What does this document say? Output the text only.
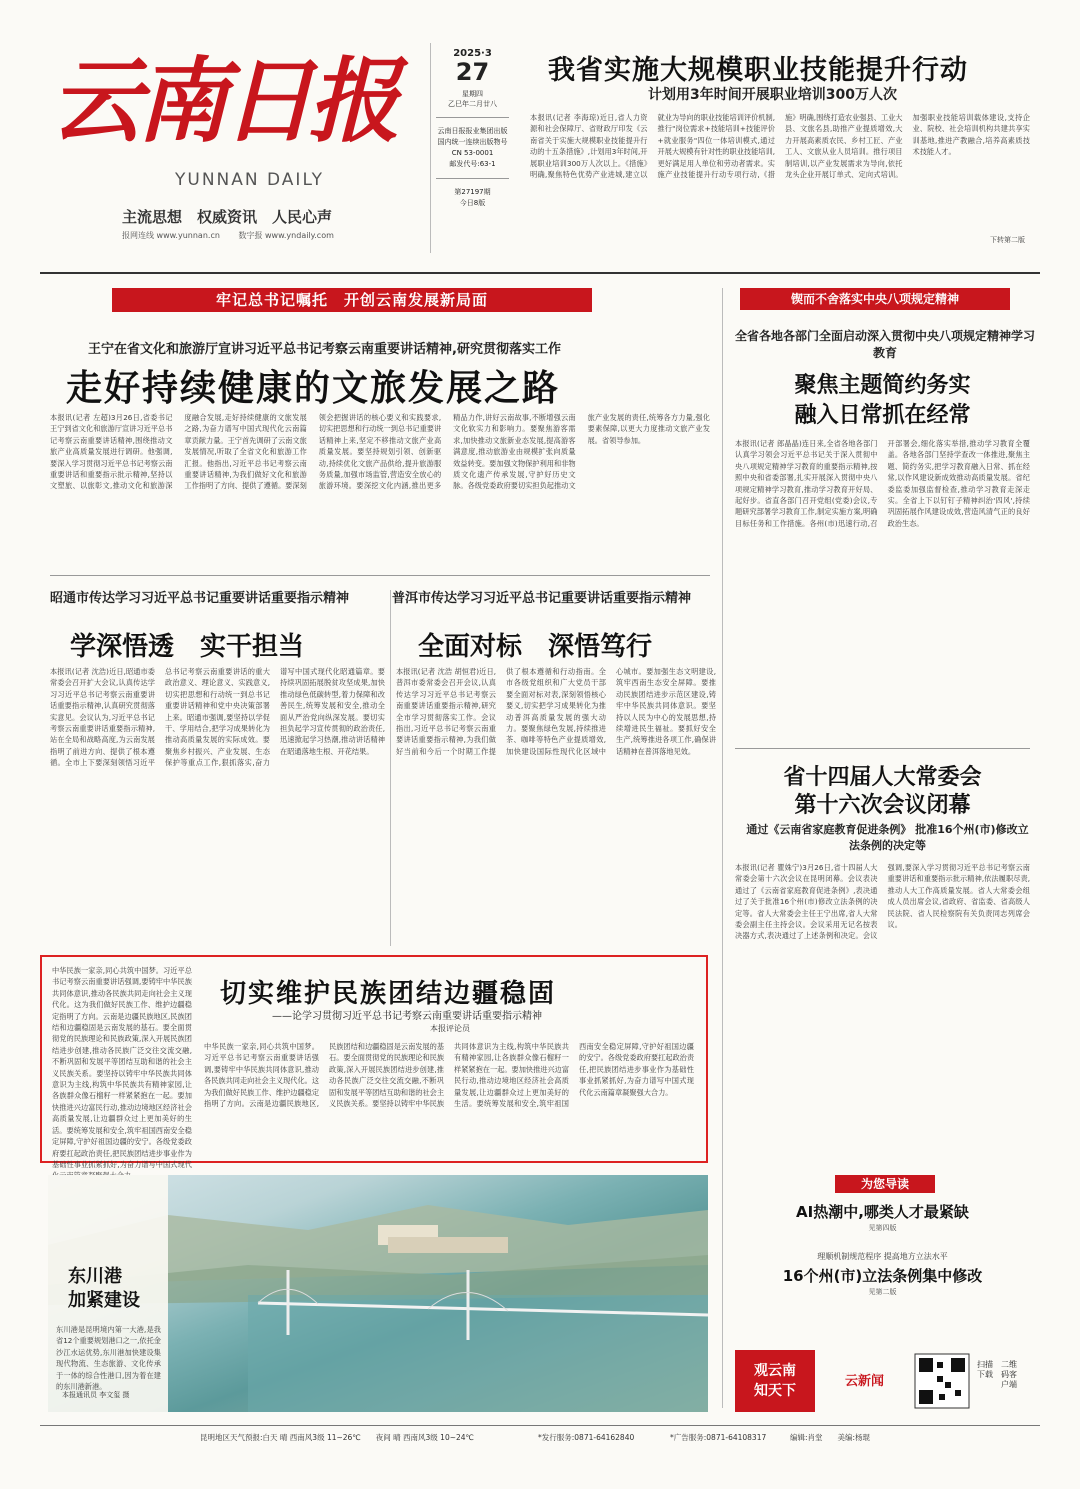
云南日报
YUNNAN DAILY
主流思想　权威资讯　人民心声
报网连线 www.yunnan.cn 　　数字报 www.yndaily.com
2025·3
27
星期四
乙巳年二月廿八
云南日报报业集团出版
国内统一连续出版物号
CN 53-0001
邮发代号:63-1
第27197期
今日8版
我省实施大规模职业技能提升行动
计划用3年时间开展职业培训300万人次
本报讯(记者 李海琼)近日,省人力资源和社会保障厅、省财政厅印发《云南省关于实施大规模职业技能提升行动的十五条措施》,计划用3年时间,开展职业培训300万人次以上。《措施》明确,聚焦特色优势产业进城,建立以就业为导向的职业技能培训评价机制,推行"岗位需求+技能培训+技能评价+就业服务"四位一体培训模式,通过开展大规模有针对性的职业技能培训,更好满足用人单位和劳动者需求。实施产业技能提升行动专项行动,《措施》明确,围绕打造农业强县、工业大县、文旅名县,助推产业提质增效,大力开展高素质农民、乡村工匠、产业工人、文旅从业人员培训。推行项目制培训,以产业发展需求为导向,依托龙头企业开展订单式、定向式培训。加强职业技能培训载体建设,支持企业、院校、社会培训机构共建共享实训基地,推进产教融合,培养高素质技术技能人才。
下转第二版
牢记总书记嘱托　开创云南发展新局面
王宁在省文化和旅游厅宣讲习近平总书记考察云南重要讲话精神,研究贯彻落实工作
走好持续健康的文旅发展之路
本报讯(记者 左超)3月26日,省委书记王宁到省文化和旅游厅宣讲习近平总书记考察云南重要讲话精神,围绕推动文旅产业高质量发展进行调研。他强调,要深入学习贯彻习近平总书记考察云南重要讲话和重要指示批示精神,坚持以文塑旅、以旅彰文,推动文化和旅游深度融合发展,走好持续健康的文旅发展之路,为奋力谱写中国式现代化云南篇章贡献力量。王宁首先调研了云南文旅发展情况,听取了全省文化和旅游工作汇报。他指出,习近平总书记考察云南重要讲话精神,为我们做好文化和旅游工作指明了方向、提供了遵循。要深刻领会把握讲话的核心要义和实践要求,切实把思想和行动统一到总书记重要讲话精神上来,坚定不移推动文旅产业高质量发展。要坚持规划引领、创新驱动,持续优化文旅产品供给,提升旅游服务质量,加强市场监管,营造安全放心的旅游环境。要深挖文化内涵,推出更多精品力作,讲好云南故事,不断增强云南文化软实力和影响力。要聚焦游客需求,加快推动文旅新业态发展,提高游客满意度,推动旅游业由规模扩张向质量效益转变。要加强文物保护利用和非物质文化遗产传承发展,守护好历史文脉。各级党委政府要切实担负起推动文旅产业发展的责任,统筹各方力量,强化要素保障,以更大力度推动文旅产业发展。省领导参加。
昭通市传达学习习近平总书记重要讲话重要指示精神
学深悟透　实干担当
本报讯(记者 沈浩)近日,昭通市委常委会召开扩大会议,认真传达学习习近平总书记考察云南重要讲话重要指示精神,认真研究贯彻落实意见。会议认为,习近平总书记考察云南重要讲话重要指示精神,站在全局和战略高度,为云南发展指明了前进方向、提供了根本遵循。全市上下要深刻领悟习近平总书记考察云南重要讲话的重大政治意义、理论意义、实践意义,切实把思想和行动统一到总书记重要讲话精神和党中央决策部署上来。昭通市强调,要坚持以学促干、学用结合,把学习成果转化为推动高质量发展的实际成效。要聚焦乡村振兴、产业发展、生态保护等重点工作,狠抓落实,奋力谱写中国式现代化昭通篇章。要持续巩固拓展脱贫攻坚成果,加快推动绿色低碳转型,着力保障和改善民生,统筹发展和安全,推动全面从严治党向纵深发展。要切实担负起学习宣传贯彻的政治责任,迅速掀起学习热潮,推动讲话精神在昭通落地生根、开花结果。
普洱市传达学习习近平总书记重要讲话重要指示精神
全面对标　深悟笃行
本报讯(记者 沈浩 胡恒君)近日,普洱市委常委会召开会议,认真传达学习习近平总书记考察云南重要讲话重要指示精神,研究全市学习贯彻落实工作。会议指出,习近平总书记考察云南重要讲话重要指示精神,为我们做好当前和今后一个时期工作提供了根本遵循和行动指南。全市各级党组织和广大党员干部要全面对标对表,深刻领悟核心要义,切实把学习成果转化为推动普洱高质量发展的强大动力。要聚焦绿色发展,持续推进茶、咖啡等特色产业提质增效,加快建设国际性现代化区域中心城市。要加强生态文明建设,筑牢西南生态安全屏障。要推动民族团结进步示范区建设,铸牢中华民族共同体意识。要坚持以人民为中心的发展思想,持续增进民生福祉。要抓好安全生产,统筹推进各项工作,确保讲话精神在普洱落地见效。
锲而不舍落实中央八项规定精神
全省各地各部门全面启动深入贯彻中央八项规定精神学习教育
聚焦主题简约务实
融入日常抓在经常
本报讯(记者 郎晶晶)连日来,全省各地各部门认真学习领会习近平总书记关于深入贯彻中央八项规定精神学习教育的重要指示精神,按照中央和省委部署,扎实开展深入贯彻中央八项规定精神学习教育,推动学习教育开好局、起好步。省直各部门召开党组(党委)会议,专题研究部署学习教育工作,制定实施方案,明确目标任务和工作措施。各州(市)迅速行动,召开部署会,细化落实举措,推动学习教育全覆盖。各地各部门坚持学查改一体推进,聚焦主题、简约务实,把学习教育融入日常、抓在经常,以作风建设新成效推动高质量发展。省纪委监委加强监督检查,推动学习教育走深走实。全省上下以钉钉子精神纠治'四风',持续巩固拓展作风建设成效,营造风清气正的良好政治生态。
省十四届人大常委会
第十六次会议闭幕
通过《云南省家庭教育促进条例》 批准16个州(市)修改立法条例的决定等
本报讯(记者 瞿姝宁)3月26日,省十四届人大常委会第十六次会议在昆明闭幕。会议表决通过了《云南省家庭教育促进条例》,表决通过了关于批准16个州(市)修改立法条例的决定等。省人大常委会主任王宁出席,省人大常委会副主任主持会议。会议采用无记名按表决器方式,表决通过了上述条例和决定。会议强调,要深入学习贯彻习近平总书记考察云南重要讲话和重要指示批示精神,依法履职尽责,推动人大工作高质量发展。省人大常委会组成人员出席会议,省政府、省监委、省高级人民法院、省人民检察院有关负责同志列席会议。
切实维护民族团结边疆稳固
——论学习贯彻习近平总书记考察云南重要讲话重要指示精神
本报评论员
中华民族一家亲,同心共筑中国梦。习近平总书记考察云南重要讲话强调,要铸牢中华民族共同体意识,推动各民族共同走向社会主义现代化。这为我们做好民族工作、维护边疆稳定指明了方向。云南是边疆民族地区,民族团结和边疆稳固是云南发展的基石。要全面贯彻党的民族理论和民族政策,深入开展民族团结进步创建,推动各民族广泛交往交流交融,不断巩固和发展平等团结互助和谐的社会主义民族关系。要坚持以铸牢中华民族共同体意识为主线,构筑中华民族共有精神家园,让各族群众像石榴籽一样紧紧抱在一起。要加快推进兴边富民行动,推动边境地区经济社会高质量发展,让边疆群众过上更加美好的生活。要统筹发展和安全,筑牢祖国西南安全稳定屏障,守护好祖国边疆的安宁。各级党委政府要扛起政治责任,把民族团结进步事业作为基础性事业抓紧抓好,为奋力谱写中国式现代
中华民族一家亲,同心共筑中国梦。习近平总书记考察云南重要讲话强调,要铸牢中华民族共同体意识,推动各民族共同走向社会主义现代化。这为我们做好民族工作、维护边疆稳定指明了方向。云南是边疆民族地区,民族团结和边疆稳固是云南发展的基石。要全面贯彻党的民族理论和民族政策,深入开展民族团结进步创建,推动各民族广泛交往交流交融,不断巩固和发展平等团结互助和谐的社会主义民族关系。要坚持以铸牢中华民族共同体意识为主线,构筑中华民族共有精神家园,让各族群众像石榴籽一样紧紧抱在一起。要加快推进兴边富民行动,推动边境地区经济社会高质量发展,让边疆群众过上更加美好的生活。要统筹发展和安全,筑牢祖国西南安全稳定屏障,守护好祖国边疆的安宁。各级党委政府要扛起政治责任,把民族团结进步事业作为基础性事业抓紧抓好,为奋力谱写中国式现代化云南篇章凝聚强大合力。
东川港
加紧建设
东川港是昆明境内第一大港,是我省12个重要规划港口之一,依托金沙江水运优势,东川港加快建设集现代物流、生态旅游、文化传承于一体的综合性港口,因为着在建的东川港新港。
本报通讯员 李文玺 摄
为您导读
AI热潮中,哪类人才最紧缺
见第四版
理顺机制规范程序 提高地方立法水平
16个州(市)立法条例集中修改
见第二版
观云南
知天下
云新闻
扫描下载
二维码客户端
昆明地区天气预报:白天 晴 西南风3级 11~26℃　　夜间 晴 西南风3级 10~24℃	*发行服务:0871-64162840	*广告服务:0871-64108317	编辑:肖堂　　美编:杨琨
